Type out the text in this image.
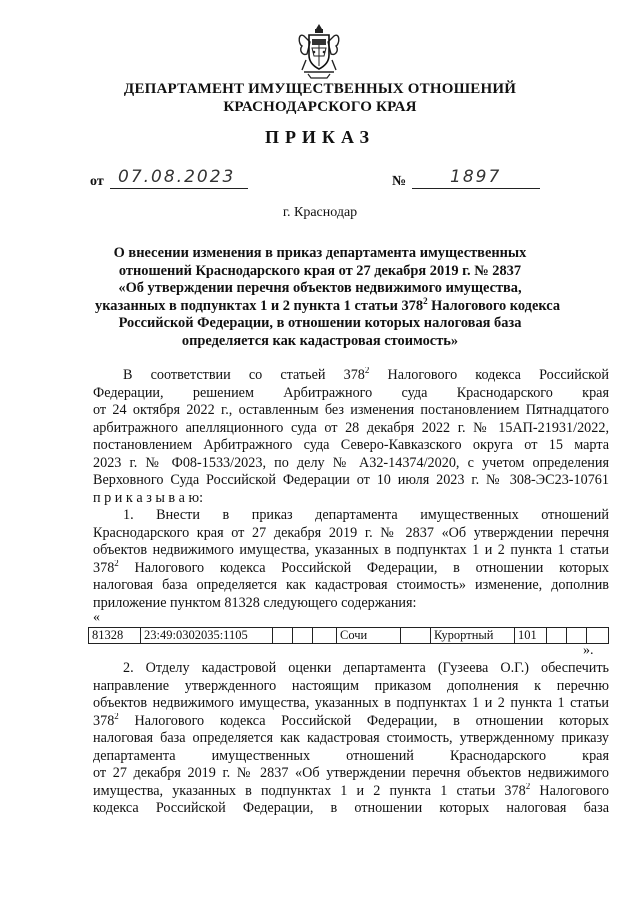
ДЕПАРТАМЕНТ ИМУЩЕСТВЕННЫХ ОТНОШЕНИЙ
КРАСНОДАРСКОГО КРАЯ
ПРИКАЗ
от 07.08.2023	№	1897
г. Краснодар
О внесении изменения в приказ департамента имущественных
отношений Краснодарского края от 27 декабря 2019 г. № 2837
«Об утверждении перечня объектов недвижимого имущества,
указанных в подпунктах 1 и 2 пункта 1 статьи $378^2$ Налогового кодекса
Российской Федерации, в отношении которых налоговая база
определяется как кадастровая стоимость»
В соответствии со статьей $378^2$ Налогового кодекса Российской
Федерации, решением Арбитражного суда Краснодарского края
от 24 октября 2022 г., оставленным без изменения постановлением Пятнадцатого
арбитражного апелляционного суда от 28 декабря 2022 г. № 15АП-21931/2022,
постановлением Арбитражного суда Северо-Кавказского округа от 15 марта
2023 г. № Ф08-1533/2023, по делу № А32-14374/2020, с учетом определения
Верховного Суда Российской Федерации от 10 июля 2023 г. № 308-ЭС23-10761
п р и к а з ы в а ю:
1. Внести в приказ департамента имущественных отношений
Краснодарского края от 27 декабря 2019 г. № 2837 «Об утверждении перечня
объектов недвижимого имущества, указанных в подпунктах 1 и 2 пункта 1 статьи
$378^2$ Налогового кодекса Российской Федерации, в отношении которых
налоговая база определяется как кадастровая стоимость» изменение, дополнив
приложение пунктом 81328 следующего содержания:
«
81328	23:49:0302035:1105				Сочи		Курортный	101			
».
2. Отделу кадастровой оценки департамента (Гузеева О.Г.) обеспечить
направление утвержденного настоящим приказом дополнения к перечню
объектов недвижимого имущества, указанных в подпунктах 1 и 2 пункта 1 статьи
$378^2$ Налогового кодекса Российской Федерации, в отношении которых
налоговая база определяется как кадастровая стоимость, утвержденному приказу
департамента имущественных отношений Краснодарского края
от 27 декабря 2019 г. № 2837 «Об утверждении перечня объектов недвижимого
имущества, указанных в подпунктах 1 и 2 пункта 1 статьи $378^2$ Налогового
кодекса Российской Федерации, в отношении которых налоговая база
